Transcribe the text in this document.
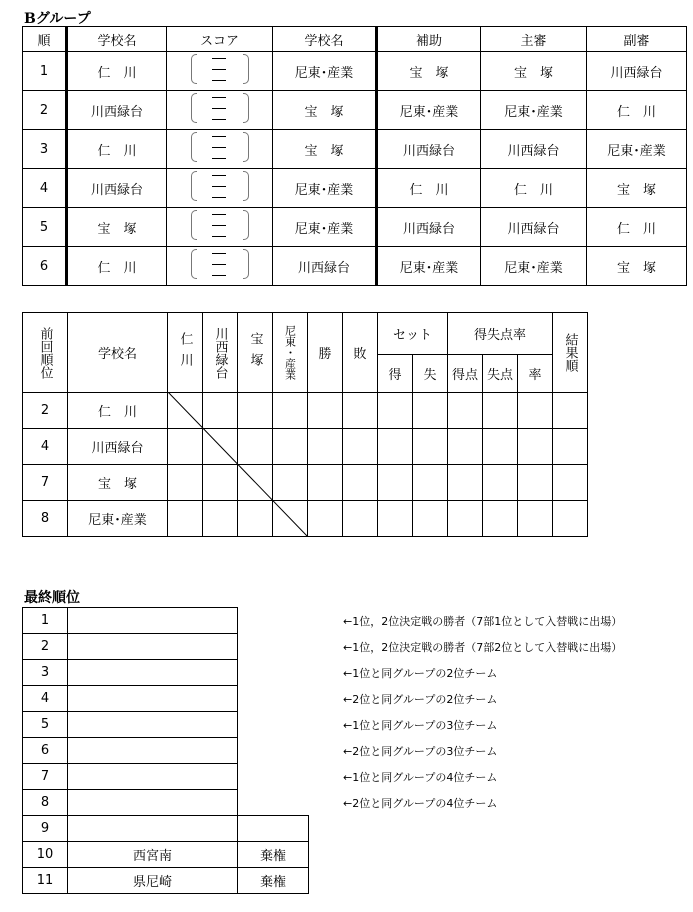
Bグループ
順	学校名	スコア	学校名	補助	主審	副審
1	仁　川		尼東･産業	宝　塚	宝　塚	川西緑台
2	川西緑台		宝　塚	尼東･産業	尼東･産業	仁　川
3	仁　川		宝　塚	川西緑台	川西緑台	尼東･産業
4	川西緑台		尼東･産業	仁　川	仁　川	宝　塚
5	宝　塚		尼東･産業	川西緑台	川西緑台	仁　川
6	仁　川		川西緑台	尼東･産業	尼東･産業	宝　塚
前回順位	学校名	仁川	川西緑台	宝塚	尼東・産業	勝	敗	セット		得失点率			結果順

								得	失	得点	失点	率	
2	仁　川												
4	川西緑台												
7	宝　塚												
8	尼東･産業												
最終順位
1		
2		
3		
4		
5		
6		
7		
8		
9		
10	西宮南	棄権
11	県尼崎	棄権
←1位，2位決定戦の勝者（7部1位として入替戦に出場）
←1位，2位決定戦の勝者（7部2位として入替戦に出場）
←1位と同グループの2位チーム
←2位と同グループの2位チーム
←1位と同グループの3位チーム
←2位と同グループの3位チーム
←1位と同グループの4位チーム
←2位と同グループの4位チーム
